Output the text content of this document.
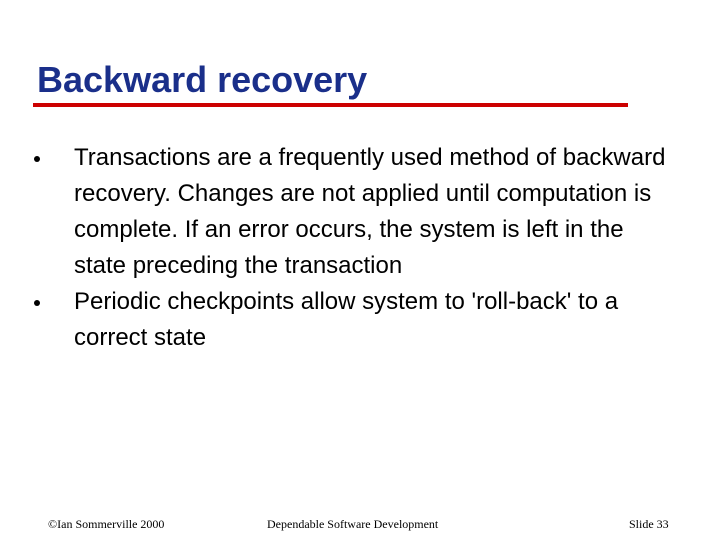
Backward recovery
Transactions are a frequently used method of backward recovery. Changes are not applied until computation is complete. If an error occurs, the system is left in the state preceding the transaction
Periodic checkpoints allow system to 'roll-back' to a correct state
©Ian Sommerville 2000	Dependable Software Development	Slide 33
